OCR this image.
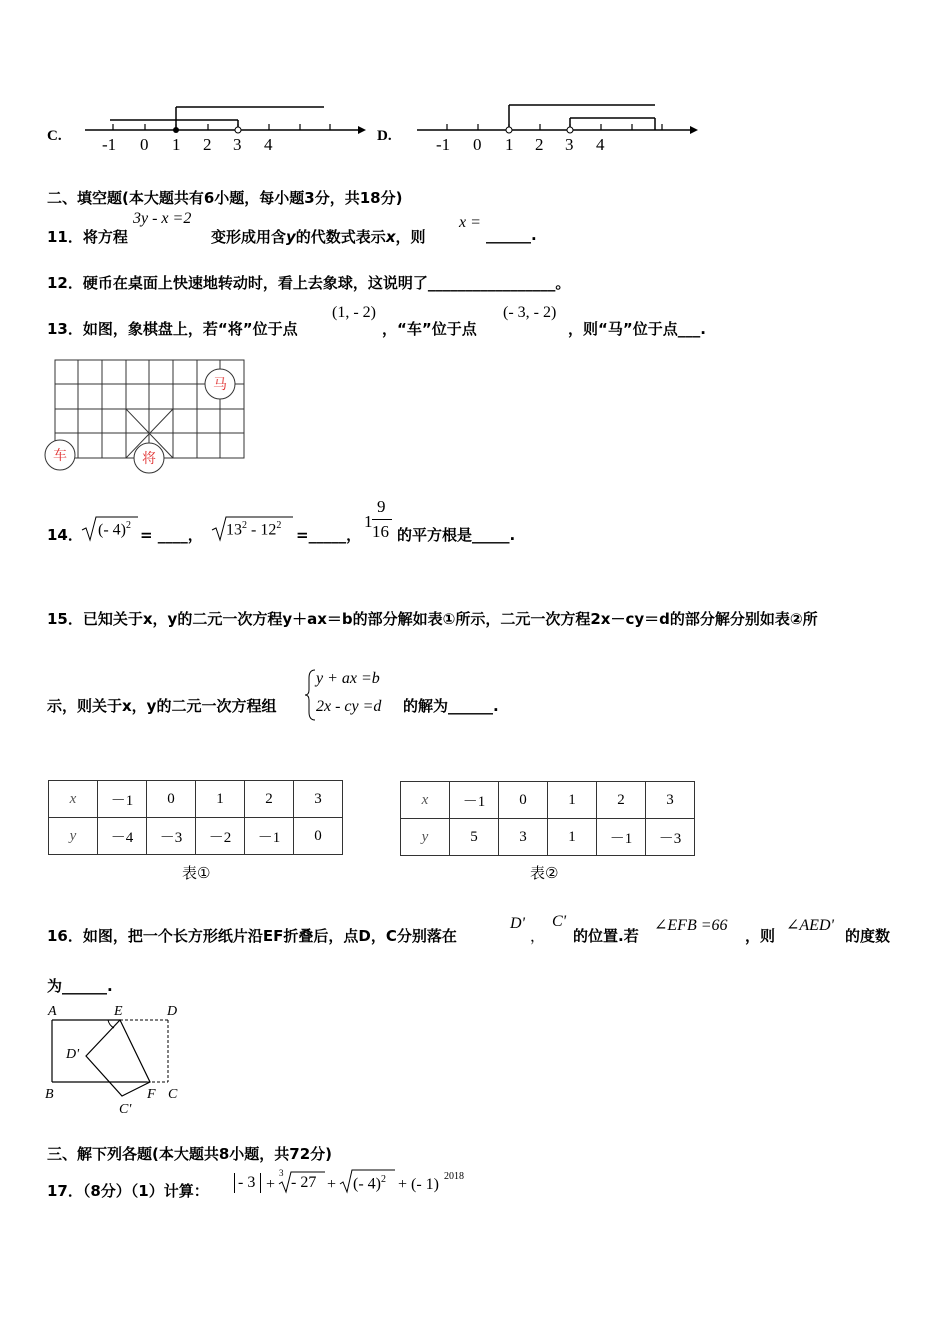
C. -1 0 1 2 3 4	D.	-1 0 1 2 3 4
二、填空题(本大题共有6小题，每小题3分，共18分)
11．将方程
3y - x =2
变形成用含y的代数式表示x，则
x =
______.
12．硬币在桌面上快速地转动时，看上去象球，这说明了_________________。
13．如图，象棋盘上，若“将”位于点
(1, - 2)
，“车”位于点
(- 3, - 2)
，则“马”位于点___.
马
车	将
14． (- 4)$^2$
= ____， $13^2 - 12^2$
=_____，
1
9
16 的平方根是_____.
15．已知关于x，y的二元一次方程y＋ax＝b的部分解如表①所示，二元一次方程2x－cy＝d的部分解分别如表②所
示，则关于x，y的二元一次方程组
y + ax =b
2x - cy =d 的解为______.
x	－1	0	1	2	3
y	－4	－3	－2	－1	0
表①
x	－1	0	1	2	3
y	5	3	1	－1	－3
表②
16．如图，把一个长方形纸片沿EF折叠后，点D，C分别落在
D'
，
C'
的位置.若
∠EFB =66
，则
∠AED'
的度数
为______.
A	E	D
D'
B	F C
C'
三、解下列各题(本大题共8小题，共72分)
17．（8分）（1）计算： - 3 +
3
- 27 + (- 4)$^2$ + (- 1) 2018
